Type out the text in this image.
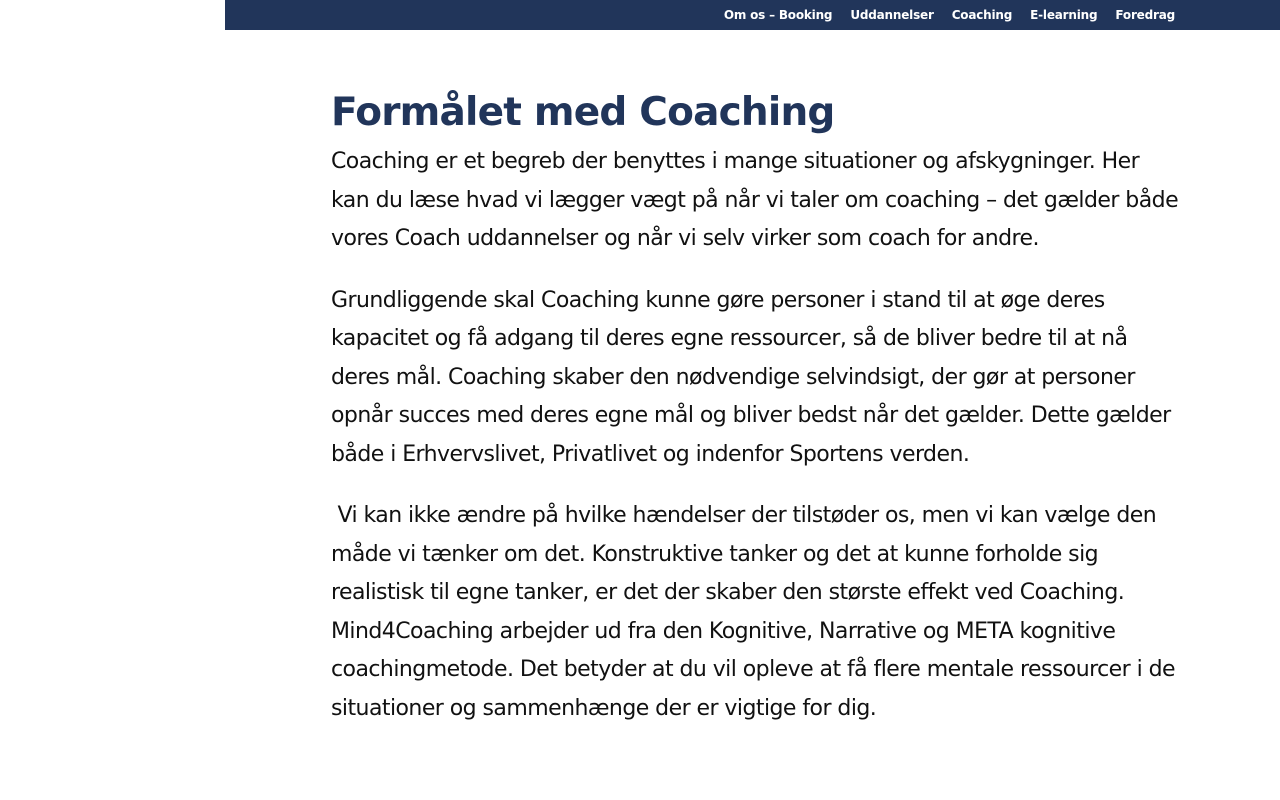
Om os – Booking Uddannelser Coaching E-learning Foredrag
Formålet med Coaching

Coaching er et begreb der benyttes i mange situationer og afskygninger. Her kan du læse hvad vi lægger vægt på når vi taler om coaching – det gælder både vores Coach uddannelser og når vi selv virker som coach for andre.

Grundliggende skal Coaching kunne gøre personer i stand til at øge deres kapacitet og få adgang til deres egne ressourcer, så de bliver bedre til at nå deres mål. Coaching skaber den nødvendige selvindsigt, der gør at personer opnår succes med deres egne mål og bliver bedst når det gælder. Dette gælder både i Erhvervslivet, Privatlivet og indenfor Sportens verden.

Vi kan ikke ændre på hvilke hændelser der tilstøder os, men vi kan vælge den måde vi tænker om det. Konstruktive tanker og det at kunne forholde sig realistisk til egne tanker, er det der skaber den største effekt ved Coaching. Mind4Coaching arbejder ud fra den Kognitive, Narrative og META kognitive coachingmetode. Det betyder at du vil opleve at få flere mentale ressourcer i de situationer og sammenhænge der er vigtige for dig.
